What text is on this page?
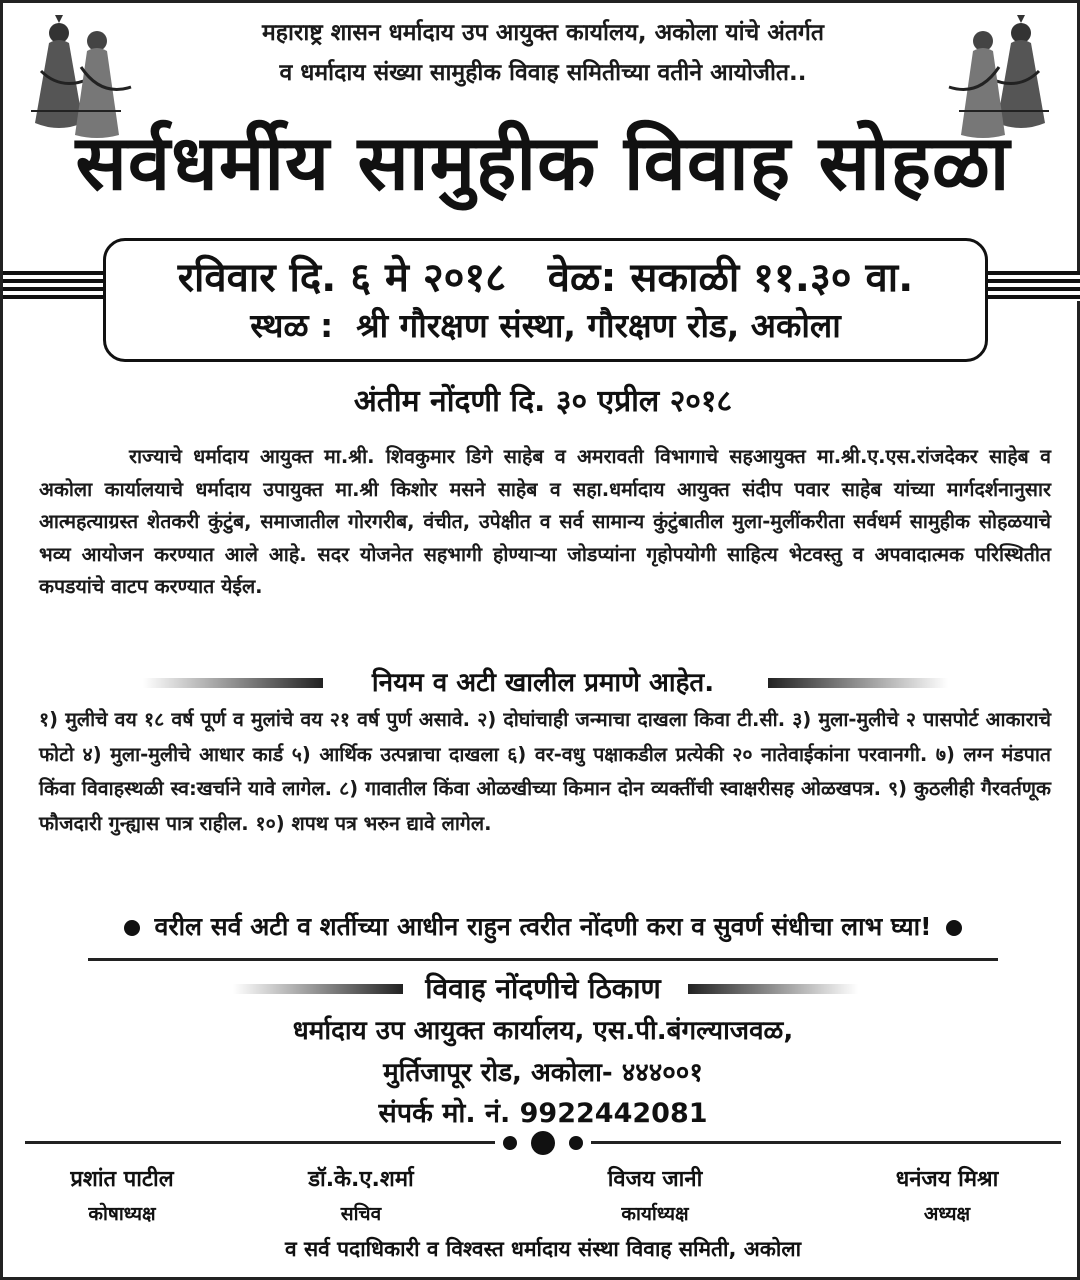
महाराष्ट्र शासन धर्मादाय उप आयुक्त कार्यालय, अकोला यांचे अंतर्गत
व धर्मादाय संख्या सामुहीक विवाह समितीच्या वतीने आयोजीत..
सर्वधर्मीय सामुहीक विवाह सोहळा
रविवार दि. ६ मे २०१८   वेळ: सकाळी ११.३० वा.
स्थळ :  श्री गौरक्षण संस्था, गौरक्षण रोड, अकोला
अंतीम नोंदणी दि. ३० एप्रील २०१८
राज्याचे धर्मादाय आयुक्त मा.श्री. शिवकुमार डिगे साहेब व अमरावती विभागाचे सहआयुक्त मा.श्री.ए.एस.रांजदेकर साहेब व अकोला कार्यालयाचे धर्मादाय उपायुक्त मा.श्री किशोर मसने साहेब व सहा.धर्मादाय आयुक्त संदीप पवार साहेब यांच्या मार्गदर्शनानुसार आत्महत्याग्रस्त शेतकरी कुंटुंब, समाजातील गोरगरीब, वंचीत, उपेक्षीत व सर्व सामान्य कुंटुंबातील मुला-मुलींकरीता सर्वधर्म सामुहीक सोहळयाचे भव्य आयोजन करण्यात आले आहे. सदर योजनेत सहभागी होण्याऱ्या जोडप्यांना गृहोपयोगी साहित्य भेटवस्तु व अपवादात्मक परिस्थितीत कपडयांचे वाटप करण्यात येईल.
नियम व अटी खालील प्रमाणे आहेत.
१) मुलीचे वय १८ वर्ष पूर्ण व मुलांचे वय २१ वर्ष पुर्ण असावे. २) दोघांचाही जन्माचा दाखला किवा टी.सी. ३) मुला-मुलीचे २ पासपोर्ट आकाराचे फोटो ४) मुला-मुलीचे आधार कार्ड ५) आर्थिक उत्पन्नाचा दाखला ६) वर-वधु पक्षाकडील प्रत्येकी २० नातेवाईकांना परवानगी. ७) लग्न मंडपात किंवा विवाहस्थळी स्व:खर्चाने यावे लागेल. ८) गावातील किंवा ओळखीच्या किमान दोन व्यक्तींची स्वाक्षरीसह ओळखपत्र. ९) कुठलीही गैरवर्तणूक फौजदारी गुन्ह्यास पात्र राहील. १०) शपथ पत्र भरुन द्यावे लागेल.
वरील सर्व अटी व शर्तीच्या आधीन राहुन त्वरीत नोंदणी करा व सुवर्ण संधीचा लाभ घ्या!
विवाह नोंदणीचे ठिकाण
धर्मादाय उप आयुक्त कार्यालय, एस.पी.बंगल्याजवळ,
मुर्तिजापूर रोड, अकोला- ४४४००१
संपर्क मो. नं. 9922442081
प्रशांत पाटील
कोषाध्यक्ष
डॉ.के.ए.शर्मा
सचिव
विजय जानी
कार्याध्यक्ष
धनंजय मिश्रा
अध्यक्ष
व सर्व पदाधिकारी व विश्वस्त धर्मादाय संस्था विवाह समिती, अकोला
